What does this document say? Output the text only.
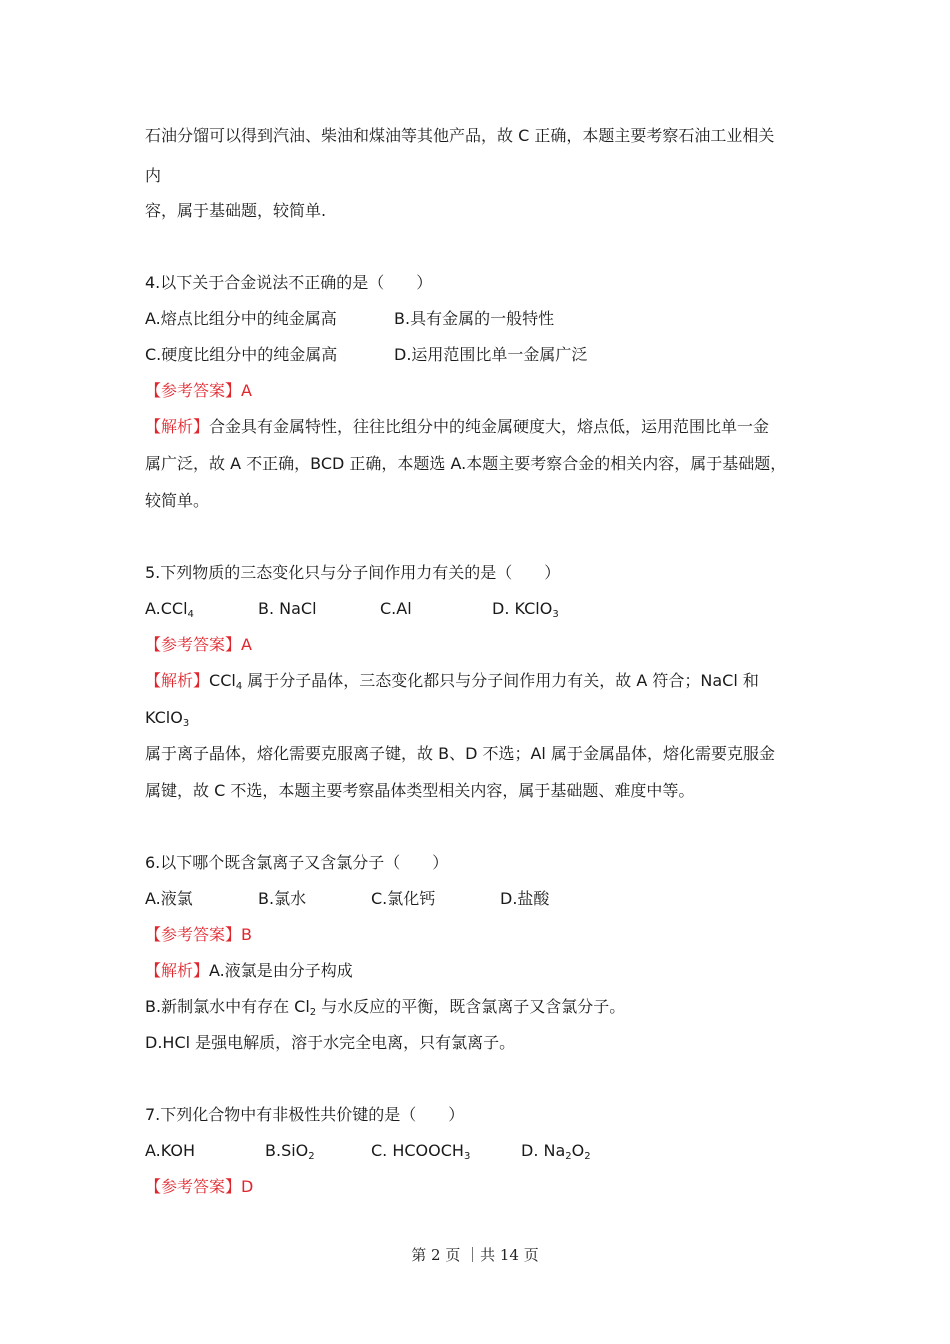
石油分馏可以得到汽油、柴油和煤油等其他产品，故 C 正确，本题主要考察石油工业相关
内
容，属于基础题，较简单.
4.以下关于合金说法不正确的是（　　）
A.熔点比组分中的纯金属高	B.具有金属的一般特性
C.硬度比组分中的纯金属高	D.运用范围比单一金属广泛
【参考答案】A
【解析】合金具有金属特性，往往比组分中的纯金属硬度大，熔点低，运用范围比单一金
属广泛，故 A 不正确，BCD 正确，本题选 A.本题主要考察合金的相关内容，属于基础题，
较简单。
5.下列物质的三态变化只与分子间作用力有关的是（　　）
A.CCl$_4$	B. NaCl	C.Al	D. KClO$_3$
【参考答案】A
【解析】CCl$_4$ 属于分子晶体，三态变化都只与分子间作用力有关，故 A 符合；NaCl 和
KClO$_3$
属于离子晶体，熔化需要克服离子键，故 B、D 不选；Al 属于金属晶体，熔化需要克服金
属键，故 C 不选，本题主要考察晶体类型相关内容，属于基础题、难度中等。
6.以下哪个既含氯离子又含氯分子（　　）
A.液氯	B.氯水	C.氯化钙	D.盐酸
【参考答案】B
【解析】A.液氯是由分子构成
B.新制氯水中有存在 $Cl_2$ 与水反应的平衡，既含氯离子又含氯分子。
D.HCl 是强电解质，溶于水完全电离，只有氯离子。
7.下列化合物中有非极性共价键的是（　　）
A.KOH	B.SiO$_2$	C. $HCOOCH_3$	D. $Na_2O_2$
【参考答案】D
第 2 页 ｜共 14 页
